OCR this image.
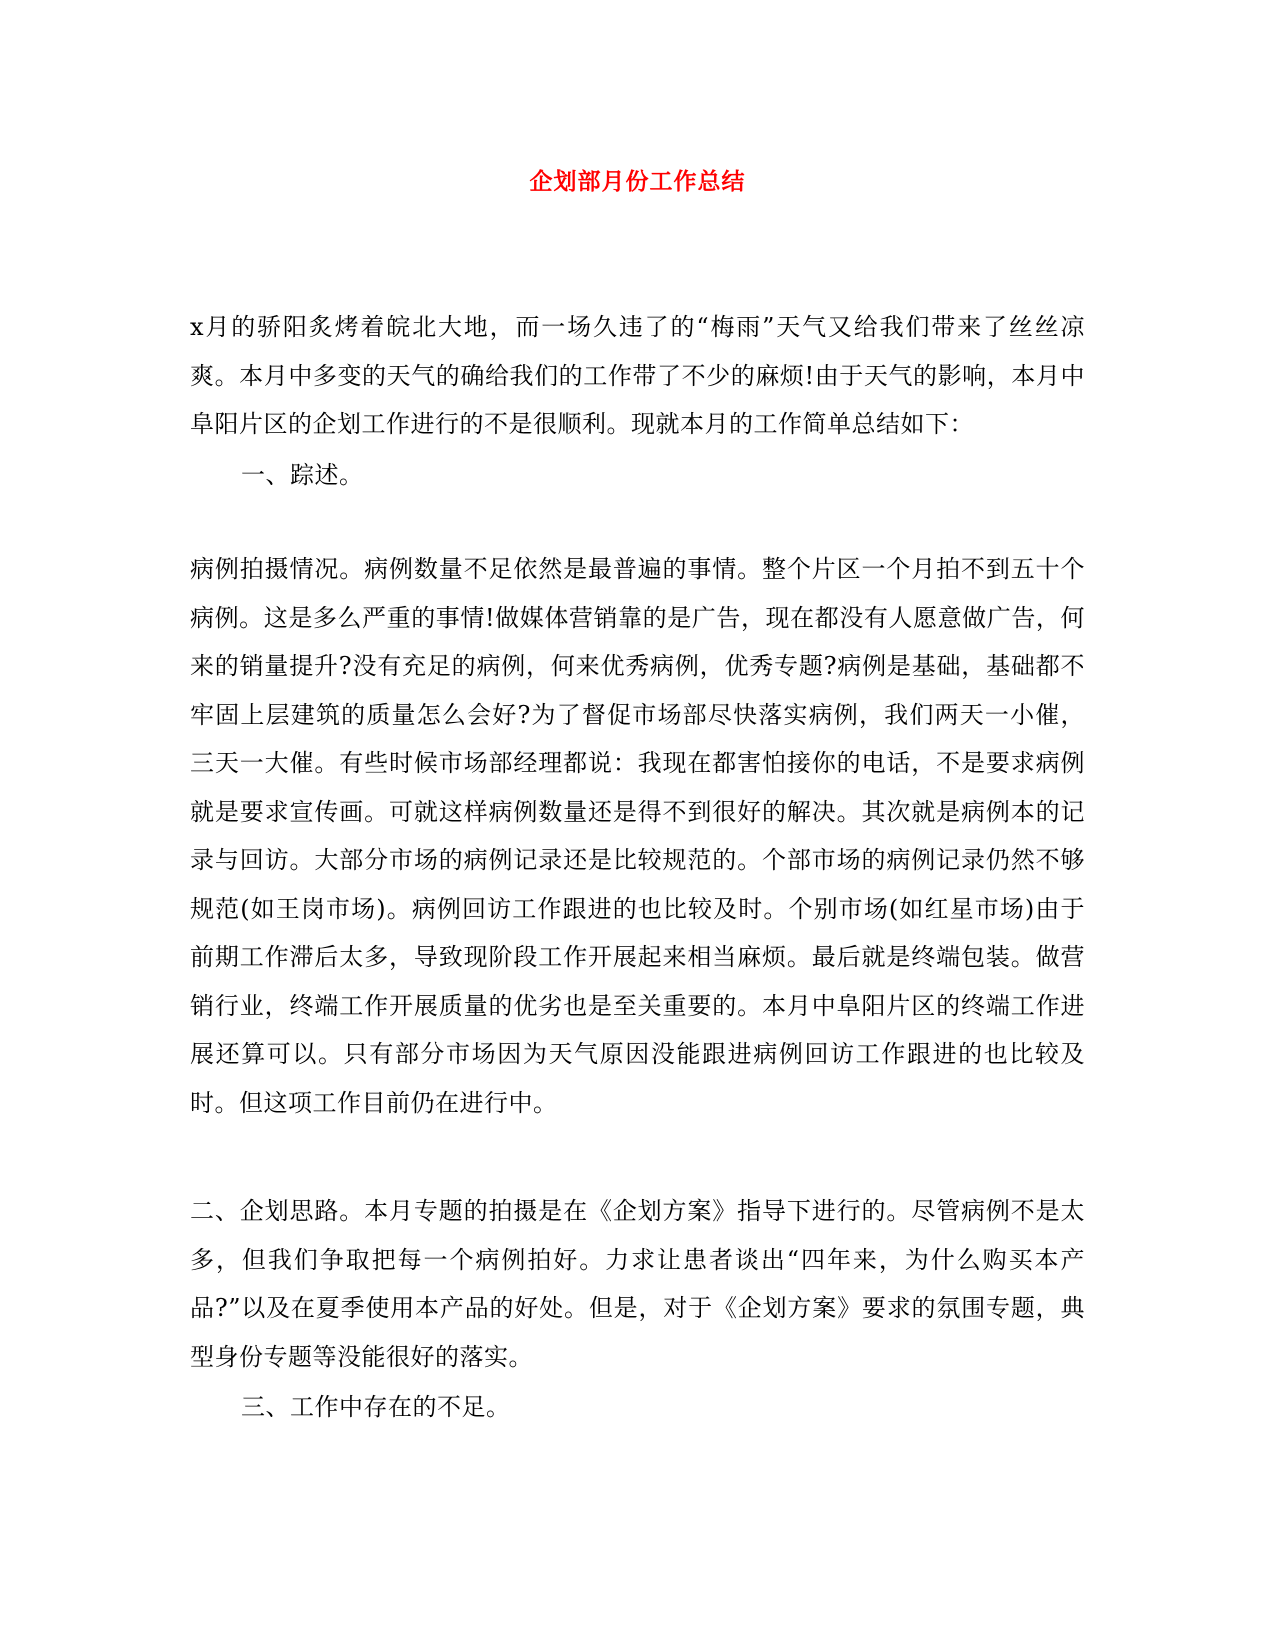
企划部月份工作总结

x月的骄阳炙烤着皖北大地，而一场久违了的“梅雨”天气又给我们带来了丝丝凉爽。本月中多变的天气的确给我们的工作带了不少的麻烦!由于天气的影响，本月中阜阳片区的企划工作进行的不是很顺利。现就本月的工作简单总结如下：

一、踪述。

病例拍摄情况。病例数量不足依然是最普遍的事情。整个片区一个月拍不到五十个病例。这是多么严重的事情!做媒体营销靠的是广告，现在都没有人愿意做广告，何来的销量提升?没有充足的病例，何来优秀病例，优秀专题?病例是基础，基础都不牢固上层建筑的质量怎么会好?为了督促市场部尽快落实病例，我们两天一小催，三天一大催。有些时候市场部经理都说：我现在都害怕接你的电话，不是要求病例就是要求宣传画。可就这样病例数量还是得不到很好的解决。其次就是病例本的记录与回访。大部分市场的病例记录还是比较规范的。个部市场的病例记录仍然不够规范(如王岗市场)。病例回访工作跟进的也比较及时。个别市场(如红星市场)由于前期工作滞后太多，导致现阶段工作开展起来相当麻烦。最后就是终端包装。做营销行业，终端工作开展质量的优劣也是至关重要的。本月中阜阳片区的终端工作进展还算可以。只有部分市场因为天气原因没能跟进病例回访工作跟进的也比较及时。但这项工作目前仍在进行中。

二、企划思路。本月专题的拍摄是在《企划方案》指导下进行的。尽管病例不是太多，但我们争取把每一个病例拍好。力求让患者谈出“四年来，为什么购买本产品?”以及在夏季使用本产品的好处。但是，对于《企划方案》要求的氛围专题，典型身份专题等没能很好的落实。

三、工作中存在的不足。
